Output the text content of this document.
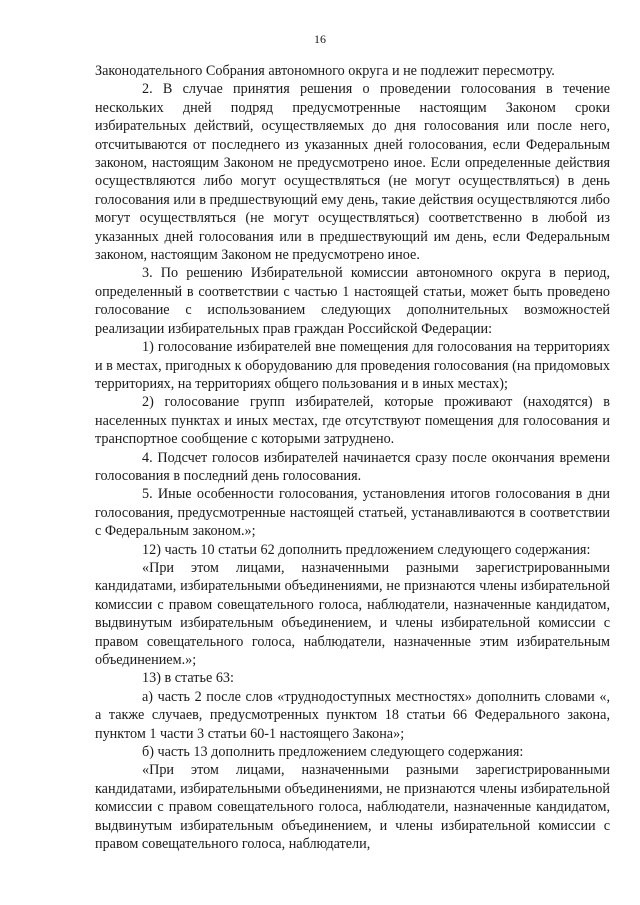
16

Законодательного Собрания автономного округа и не подлежит пересмотру.

2. В случае принятия решения о проведении голосования в течение нескольких дней подряд предусмотренные настоящим Законом сроки избирательных действий, осуществляемых до дня голосования или после него, отсчитываются от последнего из указанных дней голосования, если Федеральным законом, настоящим Законом не предусмотрено иное. Если определенные действия осуществляются либо могут осуществляться (не могут осуществляться) в день голосования или в предшествующий ему день, такие действия осуществляются либо могут осуществляться (не могут осуществляться) соответственно в любой из указанных дней голосования или в предшествующий им день, если Федеральным законом, настоящим Законом не предусмотрено иное.

3. По решению Избирательной комиссии автономного округа в период, определенный в соответствии с частью 1 настоящей статьи, может быть проведено голосование с использованием следующих дополнительных возможностей реализации избирательных прав граждан Российской Федерации:

1) голосование избирателей вне помещения для голосования на территориях и в местах, пригодных к оборудованию для проведения голосования (на придомовых территориях, на территориях общего пользования и в иных местах);

2) голосование групп избирателей, которые проживают (находятся) в населенных пунктах и иных местах, где отсутствуют помещения для голосования и транспортное сообщение с которыми затруднено.

4. Подсчет голосов избирателей начинается сразу после окончания времени голосования в последний день голосования.

5. Иные особенности голосования, установления итогов голосования в дни голосования, предусмотренные настоящей статьей, устанавливаются в соответствии с Федеральным законом.»;

12) часть 10 статьи 62 дополнить предложением следующего содержания:

«При этом лицами, назначенными разными зарегистрированными кандидатами, избирательными объединениями, не признаются члены избирательной комиссии с правом совещательного голоса, наблюдатели, назначенные кандидатом, выдвинутым избирательным объединением, и члены избирательной комиссии с правом совещательного голоса, наблюдатели, назначенные этим избирательным объединением.»;

13) в статье 63:

а) часть 2 после слов «труднодоступных местностях» дополнить словами «, а также случаев, предусмотренных пунктом 18 статьи 66 Федерального закона, пунктом 1 части 3 статьи 60-1 настоящего Закона»;

б) часть 13 дополнить предложением следующего содержания:

«При этом лицами, назначенными разными зарегистрированными кандидатами, избирательными объединениями, не признаются члены избирательной комиссии с правом совещательного голоса, наблюдатели, назначенные кандидатом, выдвинутым избирательным объединением, и члены избирательной комиссии с правом совещательного голоса, наблюдатели,
